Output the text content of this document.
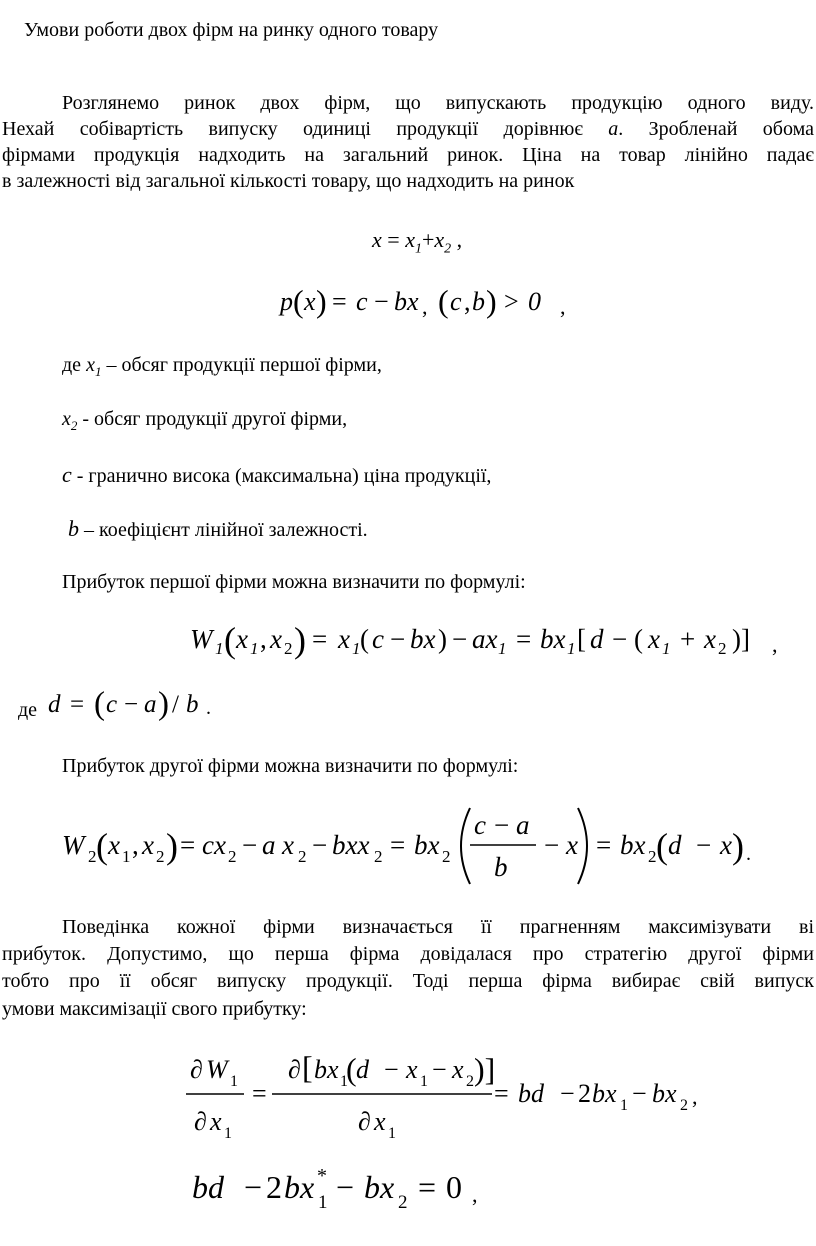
Умови роботи двох фірм на ринку одного товару
Розглянемо ринок двох фірм, що випускають продукцію одного виду.
Нехай собівартість випуску одиниці продукції дорівнює a. Зробленай обома
фірмами продукція надходить на загальний ринок. Ціна на товар лінійно падає
в залежності від загальної кількості товару, що надходить на ринок
$x = x_1+x_2$ ,
p ( x ) = c − bx , ( c , b ) > 0 ,
де $x_1$ – обсяг продукції першої фірми,
$x_2$ - обсяг продукції другої фірми,
c - гранично висока (максимальна) ціна продукції,
b – коефіцієнт лінійної залежності.
Прибуток першої фірми можна визначити по формулі:
W 1 ( x 1 , x 2 ) = x 1 ( c − bx ) − ax 1 = bx 1 [ d − ( x 1 + x 2 )] ,
де d = ( c − a ) / b .
Прибуток другої фірми можна визначити по формулі:
W 2 ( x 1 , x 2 ) = cx 2 − a x 2 − bxx 2 = bx 2
c − a
b
− x = bx 2 ( d − x ) .
Поведінка кожної фірми визначається її прагненням максимізувати ві
прибуток. Допустимо, що перша фірма довідалася про стратегію другої фірми
тобто про її обсяг випуску продукції. Тоді перша фірма вибирає свій випуск
умови максимізації свого прибутку:
∂ W 1
∂ x 1
=
∂ [ bx 1
( d − x 1 − x 2 )]
∂ x 1
= bd − 2 bx 1 − bx 2 ,
bd − 2 bx *
1 − bx 2 = 0 ,
